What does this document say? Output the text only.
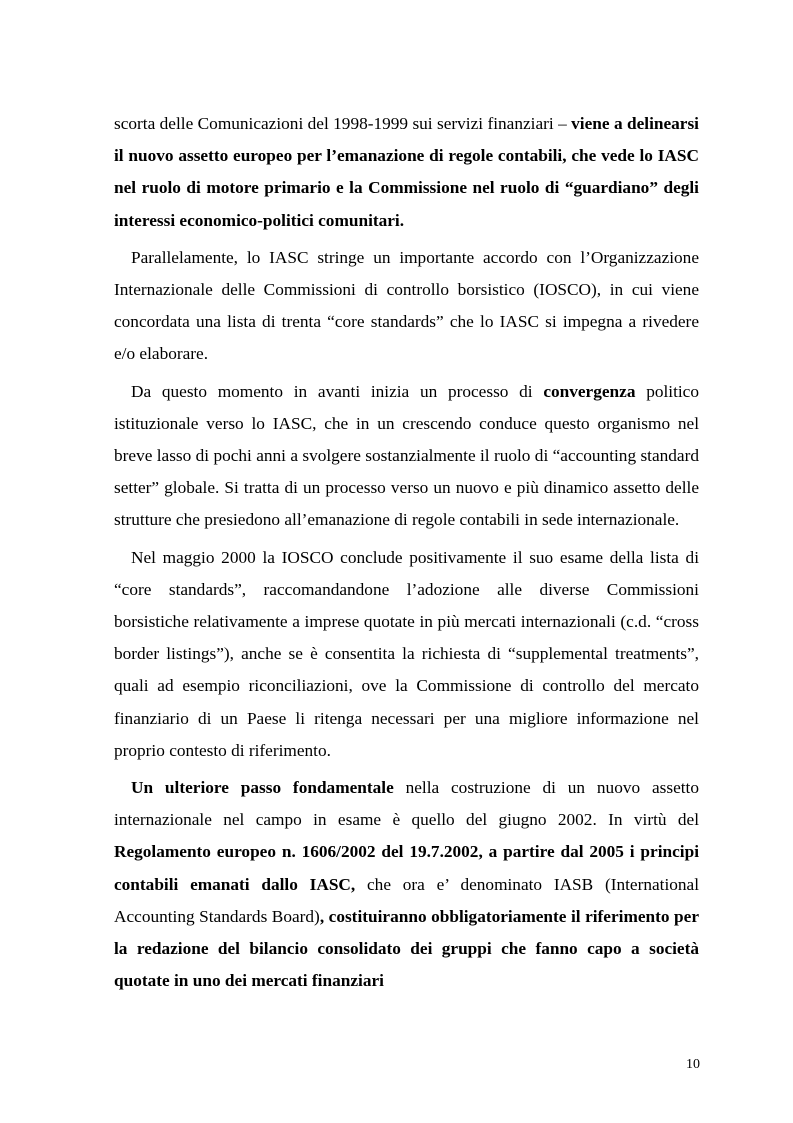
scorta delle Comunicazioni del 1998-1999 sui servizi finanziari – viene a delinearsi il nuovo assetto europeo per l’emanazione di regole contabili, che vede lo IASC nel ruolo di motore primario e la Commissione nel ruolo di “guardiano” degli interessi economico-politici comunitari.

Parallelamente, lo IASC stringe un importante accordo con l’Organizzazione Internazionale delle Commissioni di controllo borsistico (IOSCO), in cui viene concordata una lista di trenta “core standards” che lo IASC si impegna a rivedere e/o elaborare.

Da questo momento in avanti inizia un processo di convergenza politico istituzionale verso lo IASC, che in un crescendo conduce questo organismo nel breve lasso di pochi anni a svolgere sostanzialmente il ruolo di “accounting standard setter” globale. Si tratta di un processo verso un nuovo e più dinamico assetto delle strutture che presiedono all’emanazione di regole contabili in sede internazionale.

Nel maggio 2000 la IOSCO conclude positivamente il suo esame della lista di “core standards”, raccomandandone l’adozione alle diverse Commissioni borsistiche relativamente a imprese quotate in più mercati internazionali (c.d. “cross border listings”), anche se è consentita la richiesta di “supplemental treatments”, quali ad esempio riconciliazioni, ove la Commissione di controllo del mercato finanziario di un Paese li ritenga necessari per una migliore informazione nel proprio contesto di riferimento.

Un ulteriore passo fondamentale nella costruzione di un nuovo assetto internazionale nel campo in esame è quello del giugno 2002. In virtù del Regolamento europeo n. 1606/2002 del 19.7.2002, a partire dal 2005 i principi contabili emanati dallo IASC, che ora e’ denominato IASB (International Accounting Standards Board), costituiranno obbligatoriamente il riferimento per la redazione del bilancio consolidato dei gruppi che fanno capo a società quotate in uno dei mercati finanziari

10
